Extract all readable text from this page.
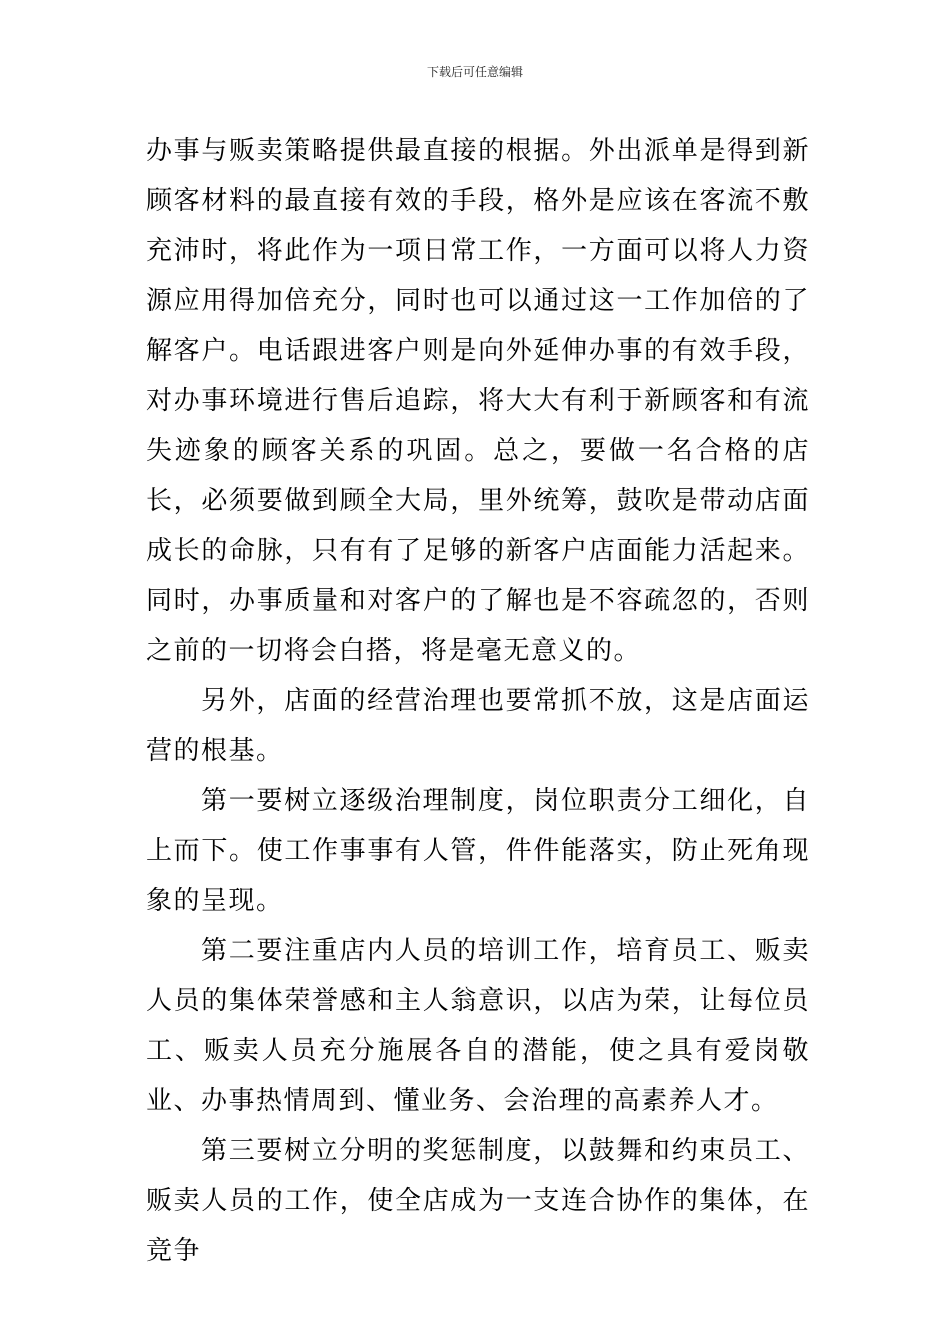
下载后可任意编辑

办事与贩卖策略提供最直接的根据。外出派单是得到新顾客材料的最直接有效的手段，格外是应该在客流不敷充沛时，将此作为一项日常工作，一方面可以将人力资源应用得加倍充分，同时也可以通过这一工作加倍的了解客户。电话跟进客户则是向外延伸办事的有效手段，对办事环境进行售后追踪，将大大有利于新顾客和有流失迹象的顾客关系的巩固。总之，要做一名合格的店长，必须要做到顾全大局，里外统筹，鼓吹是带动店面成长的命脉，只有有了足够的新客户店面能力活起来。同时，办事质量和对客户的了解也是不容疏忽的，否则之前的一切将会白搭，将是毫无意义的。

另外，店面的经营治理也要常抓不放，这是店面运营的根基。

第一要树立逐级治理制度，岗位职责分工细化，自上而下。使工作事事有人管，件件能落实，防止死角现象的呈现。

第二要注重店内人员的培训工作，培育员工、贩卖人员的集体荣誉感和主人翁意识，以店为荣，让每位员工、贩卖人员充分施展各自的潜能，使之具有爱岗敬业、办事热情周到、懂业务、会治理的高素养人才。

第三要树立分明的奖惩制度，以鼓舞和约束员工、贩卖人员的工作，使全店成为一支连合协作的集体，在竞争
